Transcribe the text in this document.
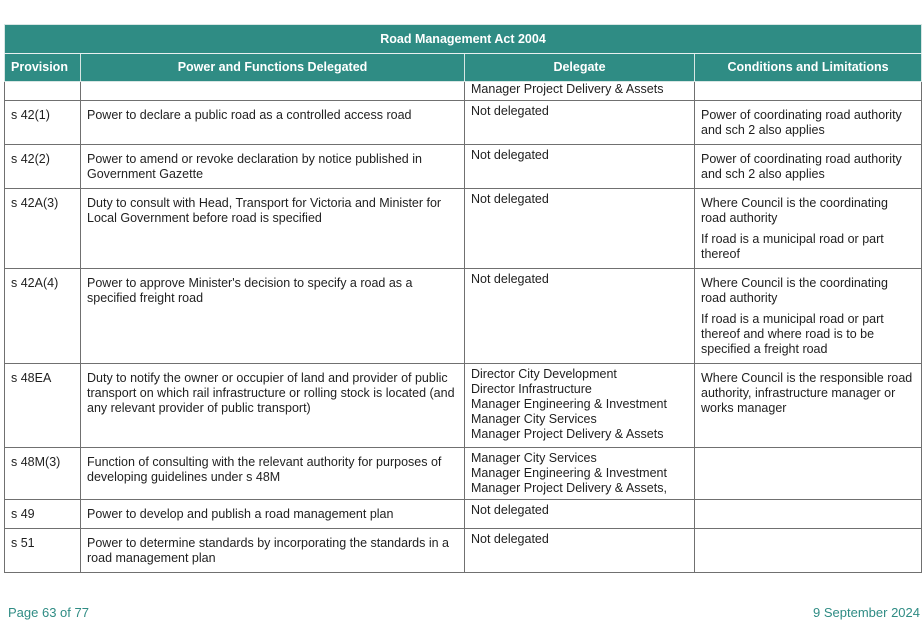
Road Management Act 2004			
Provision	Power and Functions Delegated	Delegate	Conditions and Limitations

		Manager Project Delivery & Assets	

s 42(1)	Power to declare a public road as a controlled access road	Not delegated	Power of coordinating road authority and sch 2 also applies

s 42(2)	Power to amend or revoke declaration by notice published in Government Gazette	Not delegated	Power of coordinating road authority and sch 2 also applies

s 42A(3)	Duty to consult with Head, Transport for Victoria and Minister for Local Government before road is specified	Not delegated	Where Council is the coordinating road authority
If road is a municipal road or part thereof

s 42A(4)	Power to approve Minister's decision to specify a road as a specified freight road	Not delegated	Where Council is the coordinating road authority
If road is a municipal road or part thereof and where road is to be specified a freight road

s 48EA	Duty to notify the owner or occupier of land and provider of public transport on which rail infrastructure or rolling stock is located (and any relevant provider of public transport)	Director City Development
Director Infrastructure
Manager Engineering & Investment
Manager City Services
Manager Project Delivery & Assets	Where Council is the responsible road authority, infrastructure manager or works manager

s 48M(3)	Function of consulting with the relevant authority for purposes of developing guidelines under s 48M	Manager City Services
Manager Engineering & Investment
Manager Project Delivery & Assets,	

s 49	Power to develop and publish a road management plan	Not delegated	

s 51	Power to determine standards by incorporating the standards in a road management plan	Not delegated	

Page 63 of 77	9 September 2024
